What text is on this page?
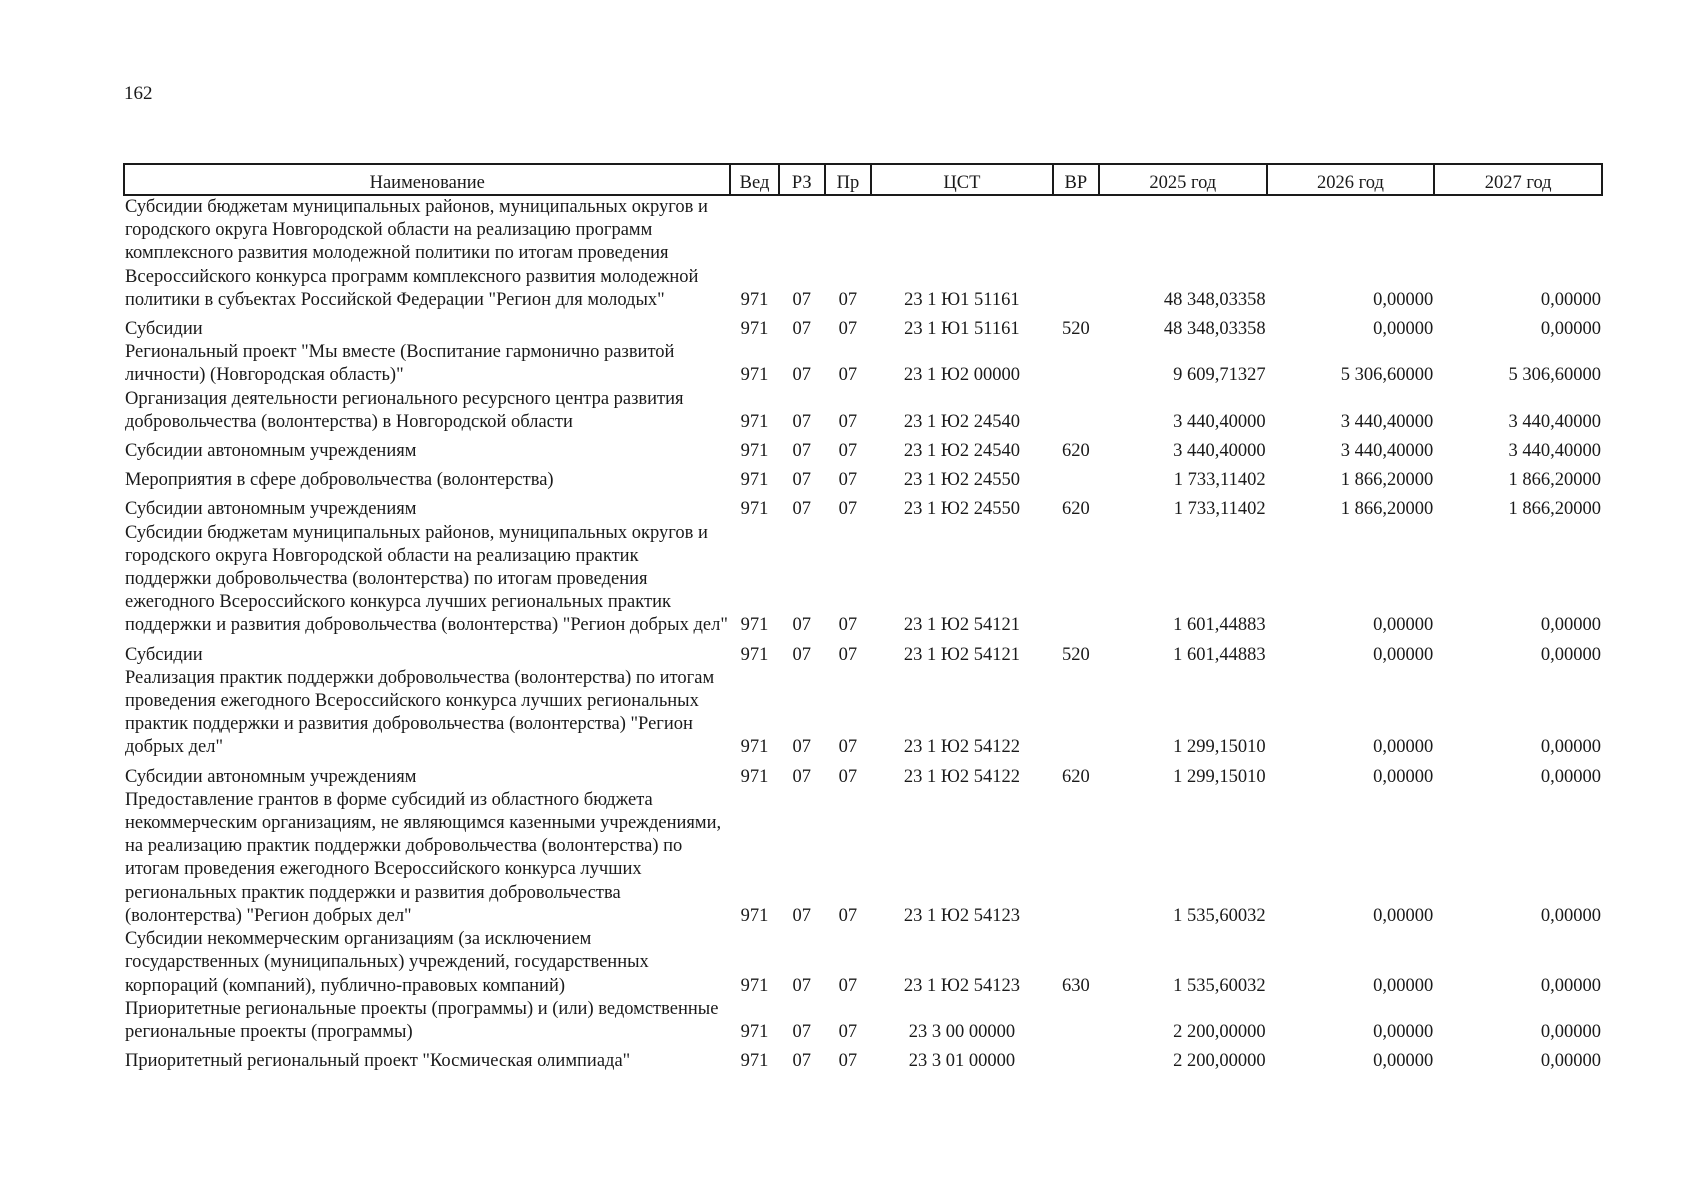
162
Наименование	Вед	РЗ	Пр	ЦСТ	ВР	2025 год	2026 год	2027 год
Субсидии бюджетам муниципальных районов, муниципальных округов и городского округа Новгородской области на реализацию программ комплексного развития молодежной политики по итогам проведения Всероссийского конкурса программ комплексного развития молодежной политики в субъектах Российской Федерации "Регион для молодых"	971	07	07	23 1 Ю1 51161		48 348,03358	0,00000	0,00000
Субсидии	971	07	07	23 1 Ю1 51161	520	48 348,03358	0,00000	0,00000
Региональный проект "Мы вместе (Воспитание гармонично развитой личности) (Новгородская область)"	971	07	07	23 1 Ю2 00000		9 609,71327	5 306,60000	5 306,60000
Организация деятельности регионального ресурсного центра развития добровольчества (волонтерства) в Новгородской области	971	07	07	23 1 Ю2 24540		3 440,40000	3 440,40000	3 440,40000
Субсидии автономным учреждениям	971	07	07	23 1 Ю2 24540	620	3 440,40000	3 440,40000	3 440,40000
Мероприятия в сфере добровольчества (волонтерства)	971	07	07	23 1 Ю2 24550		1 733,11402	1 866,20000	1 866,20000
Субсидии автономным учреждениям	971	07	07	23 1 Ю2 24550	620	1 733,11402	1 866,20000	1 866,20000
Субсидии бюджетам муниципальных районов, муниципальных округов и городского округа Новгородской области на реализацию практик поддержки добровольчества (волонтерства) по итогам проведения ежегодного Всероссийского конкурса лучших региональных практик поддержки и развития добровольчества (волонтерства) "Регион добрых дел"	971	07	07	23 1 Ю2 54121		1 601,44883	0,00000	0,00000
Субсидии	971	07	07	23 1 Ю2 54121	520	1 601,44883	0,00000	0,00000
Реализация практик поддержки добровольчества (волонтерства) по итогам проведения ежегодного Всероссийского конкурса лучших региональных практик поддержки и развития добровольчества (волонтерства) "Регион добрых дел"	971	07	07	23 1 Ю2 54122		1 299,15010	0,00000	0,00000
Субсидии автономным учреждениям	971	07	07	23 1 Ю2 54122	620	1 299,15010	0,00000	0,00000
Предоставление грантов в форме субсидий из областного бюджета некоммерческим организациям, не являющимся казенными учреждениями, на реализацию практик поддержки добровольчества (волонтерства) по итогам проведения ежегодного Всероссийского конкурса лучших региональных практик поддержки и развития добровольчества (волонтерства) "Регион добрых дел"	971	07	07	23 1 Ю2 54123		1 535,60032	0,00000	0,00000
Субсидии некоммерческим организациям (за исключением государственных (муниципальных) учреждений, государственных корпораций (компаний), публично-правовых компаний)	971	07	07	23 1 Ю2 54123	630	1 535,60032	0,00000	0,00000
Приоритетные региональные проекты (программы) и (или) ведомственные региональные проекты (программы)	971	07	07	23 3 00 00000		2 200,00000	0,00000	0,00000
Приоритетный региональный проект "Космическая олимпиада"	971	07	07	23 3 01 00000		2 200,00000	0,00000	0,00000
